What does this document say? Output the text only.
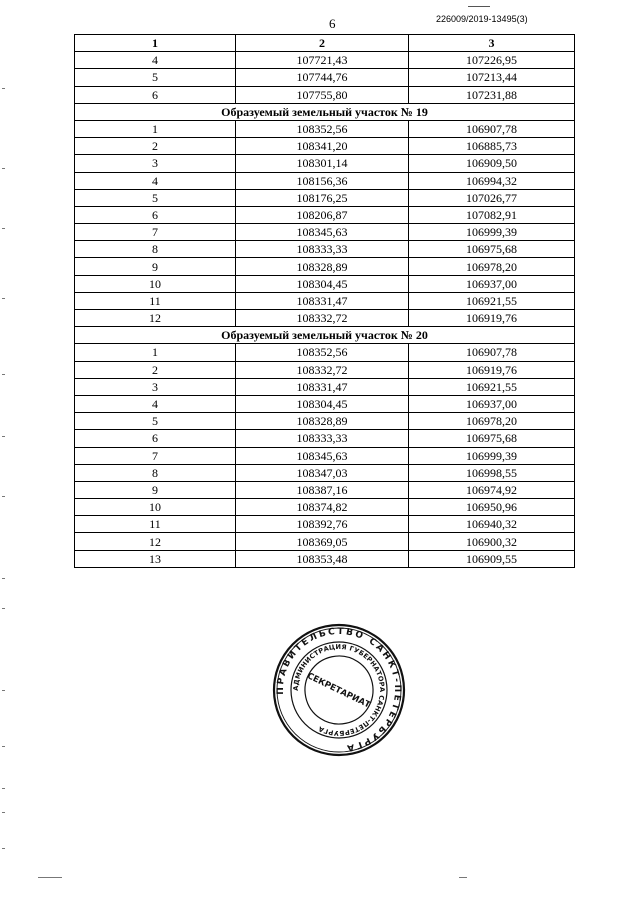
6	226009/2019-13495(3)
1	2	3
4	107721,43	107226,95
5	107744,76	107213,44
6	107755,80	107231,88
Образуемый земельный участок № 19		
1	108352,56	106907,78
2	108341,20	106885,73
3	108301,14	106909,50
4	108156,36	106994,32
5	108176,25	107026,77
6	108206,87	107082,91
7	108345,63	106999,39
8	108333,33	106975,68
9	108328,89	106978,20
10	108304,45	106937,00
11	108331,47	106921,55
12	108332,72	106919,76
Образуемый земельный участок № 20		
1	108352,56	106907,78
2	108332,72	106919,76
3	108331,47	106921,55
4	108304,45	106937,00
5	108328,89	106978,20
6	108333,33	106975,68
7	108345,63	106999,39
8	108347,03	106998,55
9	108387,16	106974,92
10	108374,82	106950,96
11	108392,76	106940,32
12	108369,05	106900,32
13	108353,48	106909,55
ПРАВИТЕЛЬСТВО САНКТ-ПЕТЕРБУРГА
АДМИНИСТРАЦИЯ ГУБЕРНАТОРА САНКТ-ПЕТЕРБУРГА
СЕКРЕТАРИАТ
